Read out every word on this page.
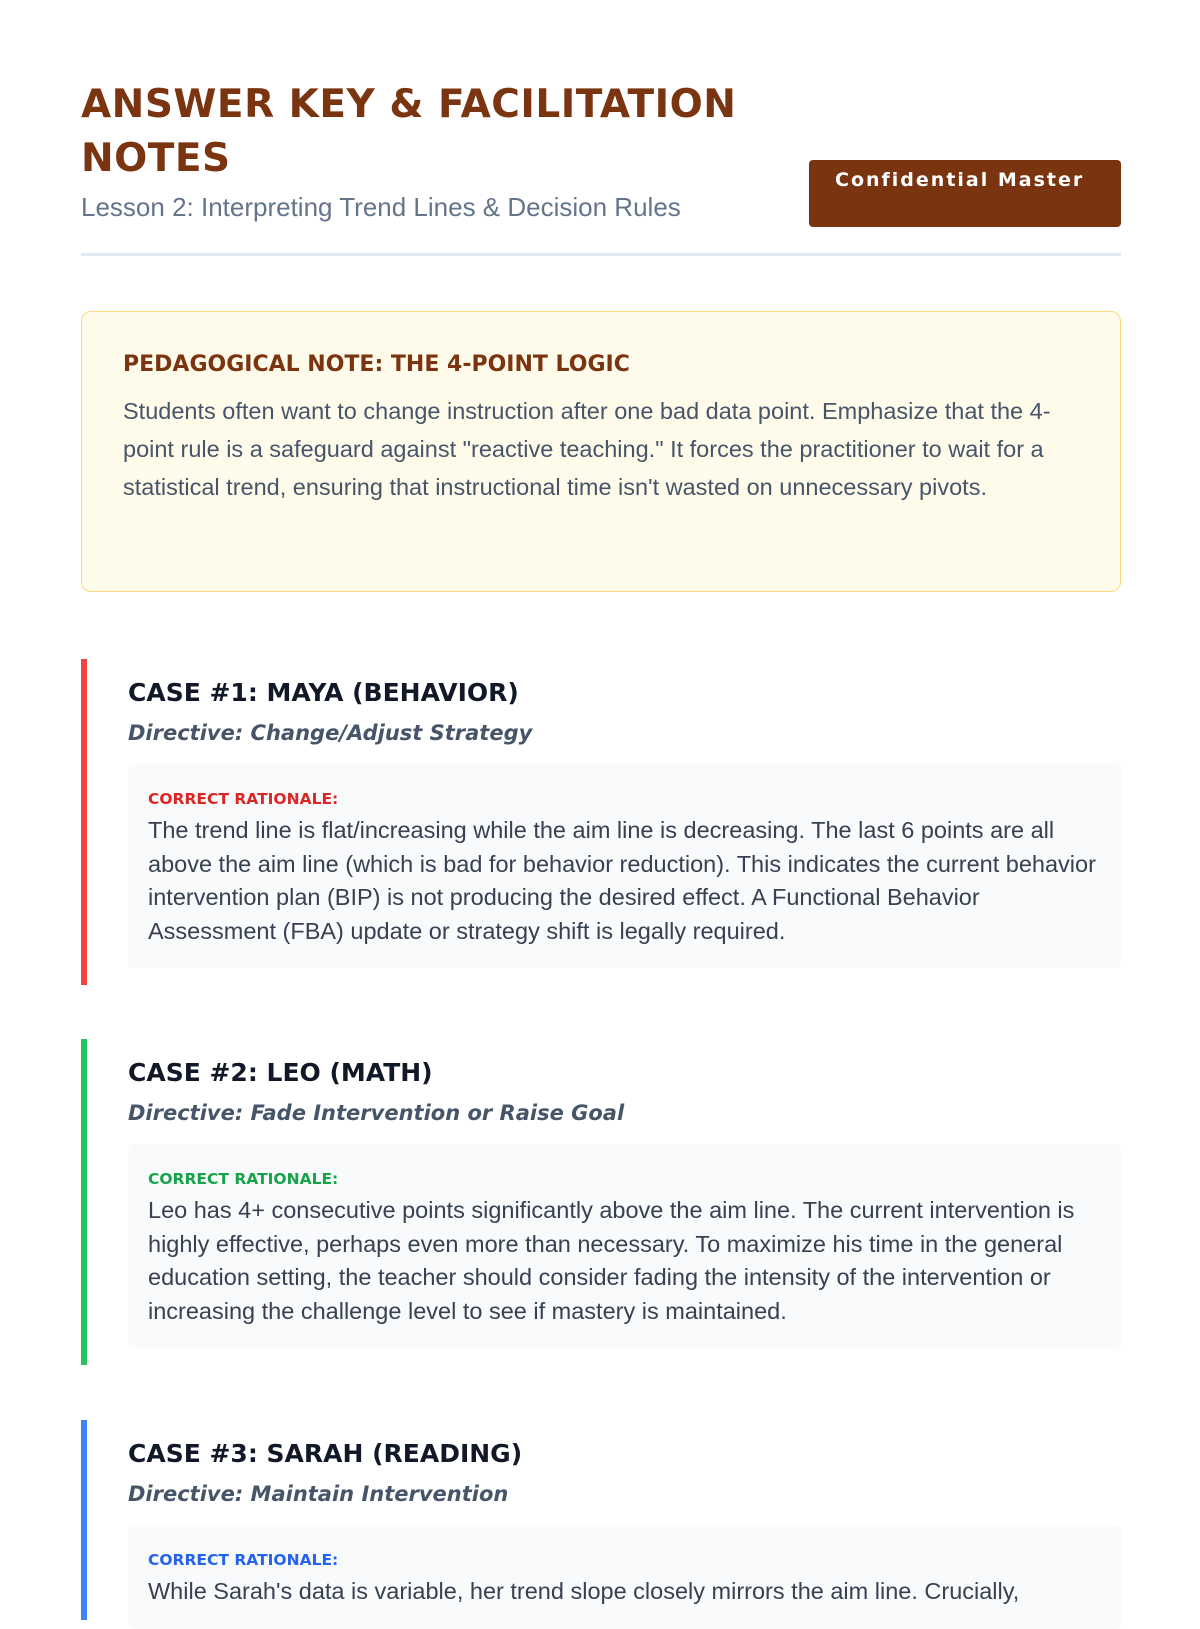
ANSWER KEY & FACILITATION NOTES

Lesson 2: Interpreting Trend Lines & Decision Rules

Confidential Master
PEDAGOGICAL NOTE: THE 4-POINT LOGIC

Students often want to change instruction after one bad data point. Emphasize that the 4-point rule is a safeguard against "reactive teaching." It forces the practitioner to wait for a statistical trend, ensuring that instructional time isn't wasted on unnecessary pivots.

CASE #1: MAYA (BEHAVIOR)

Directive: Change/Adjust Strategy

CORRECT RATIONALE:

The trend line is flat/increasing while the aim line is decreasing. The last 6 points are all above the aim line (which is bad for behavior reduction). This indicates the current behavior intervention plan (BIP) is not producing the desired effect. A Functional Behavior Assessment (FBA) update or strategy shift is legally required.

CASE #2: LEO (MATH)

Directive: Fade Intervention or Raise Goal

CORRECT RATIONALE:

Leo has 4+ consecutive points significantly above the aim line. The current intervention is highly effective, perhaps even more than necessary. To maximize his time in the general education setting, the teacher should consider fading the intensity of the intervention or increasing the challenge level to see if mastery is maintained.

CASE #3: SARAH (READING)

Directive: Maintain Intervention

CORRECT RATIONALE:

While Sarah's data is variable, her trend slope closely mirrors the aim line. Crucially,
